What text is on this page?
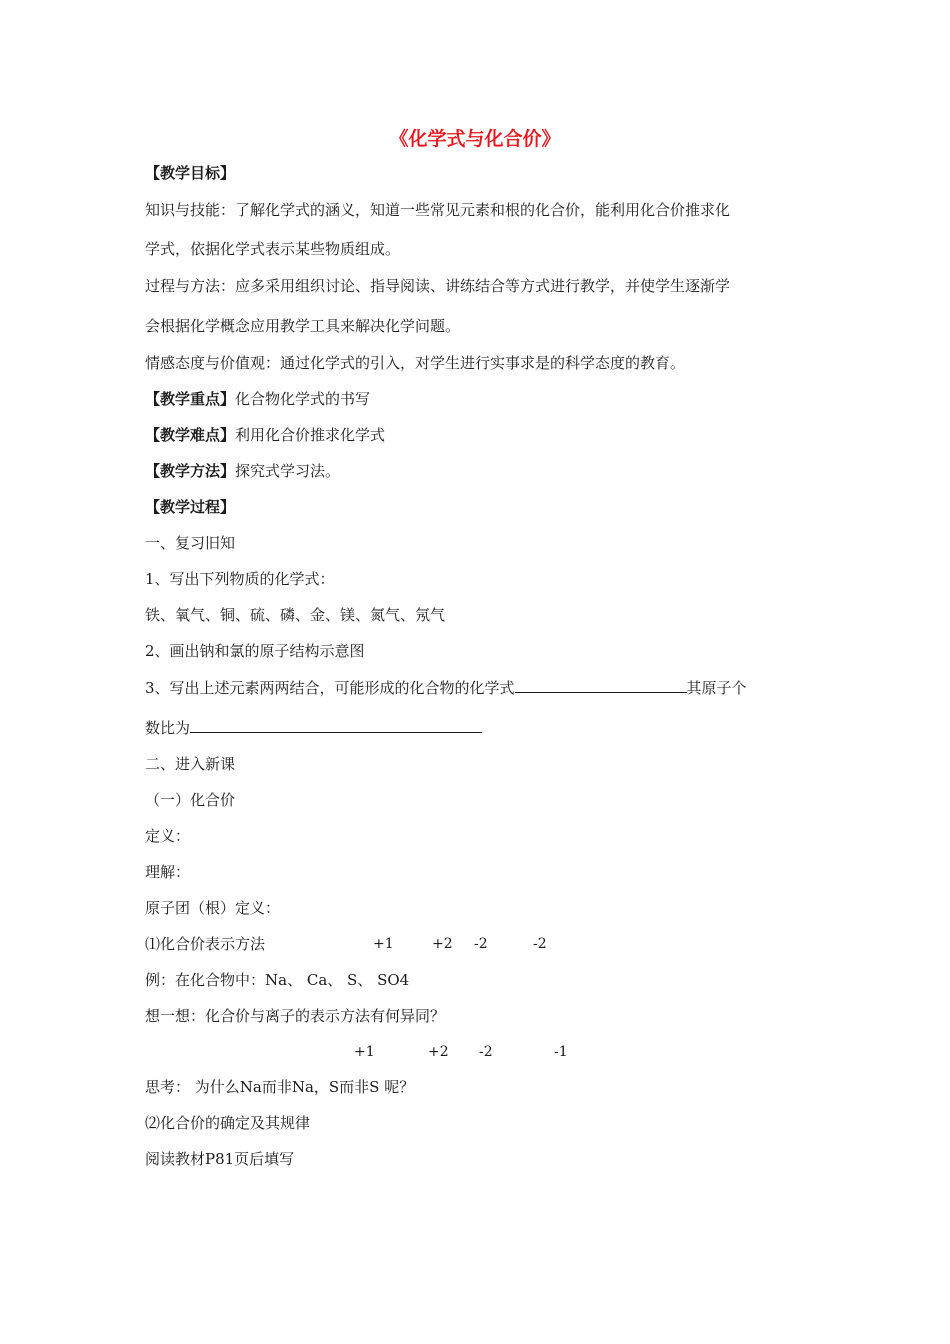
《化学式与化合价》
【教学目标】
知识与技能：了解化学式的涵义，知道一些常见元素和根的化合价，能利用化合价推求化
学式，依据化学式表示某些物质组成。
过程与方法：应多采用组织讨论、指导阅读、讲练结合等方式进行教学，并使学生逐渐学
会根据化学概念应用教学工具来解决化学问题。
情感态度与价值观：通过化学式的引入，对学生进行实事求是的科学态度的教育。
【教学重点】化合物化学式的书写
【教学难点】利用化合价推求化学式
【教学方法】探究式学习法。
【教学过程】
一、复习旧知
1、写出下列物质的化学式：
铁、氧气、铜、硫、磷、金、镁、氮气、氖气
2、画出钠和氯的原子结构示意图
3、写出上述元素两两结合，可能形成的化合物的化学式	其原子个
数比为
二、进入新课
（一）化合价
定义：
理解：
原子团（根）定义：
⑴化合价表示方法	+1	+2 -2	-2
例：在化合物中：Na、 Ca、 S、 SO4
想一想：化合价与离子的表示方法有何异同？
+1	+2 -2	-1
思考： 为什么Na而非Na，S而非S 呢？
⑵化合价的确定及其规律
阅读教材P81页后填写
